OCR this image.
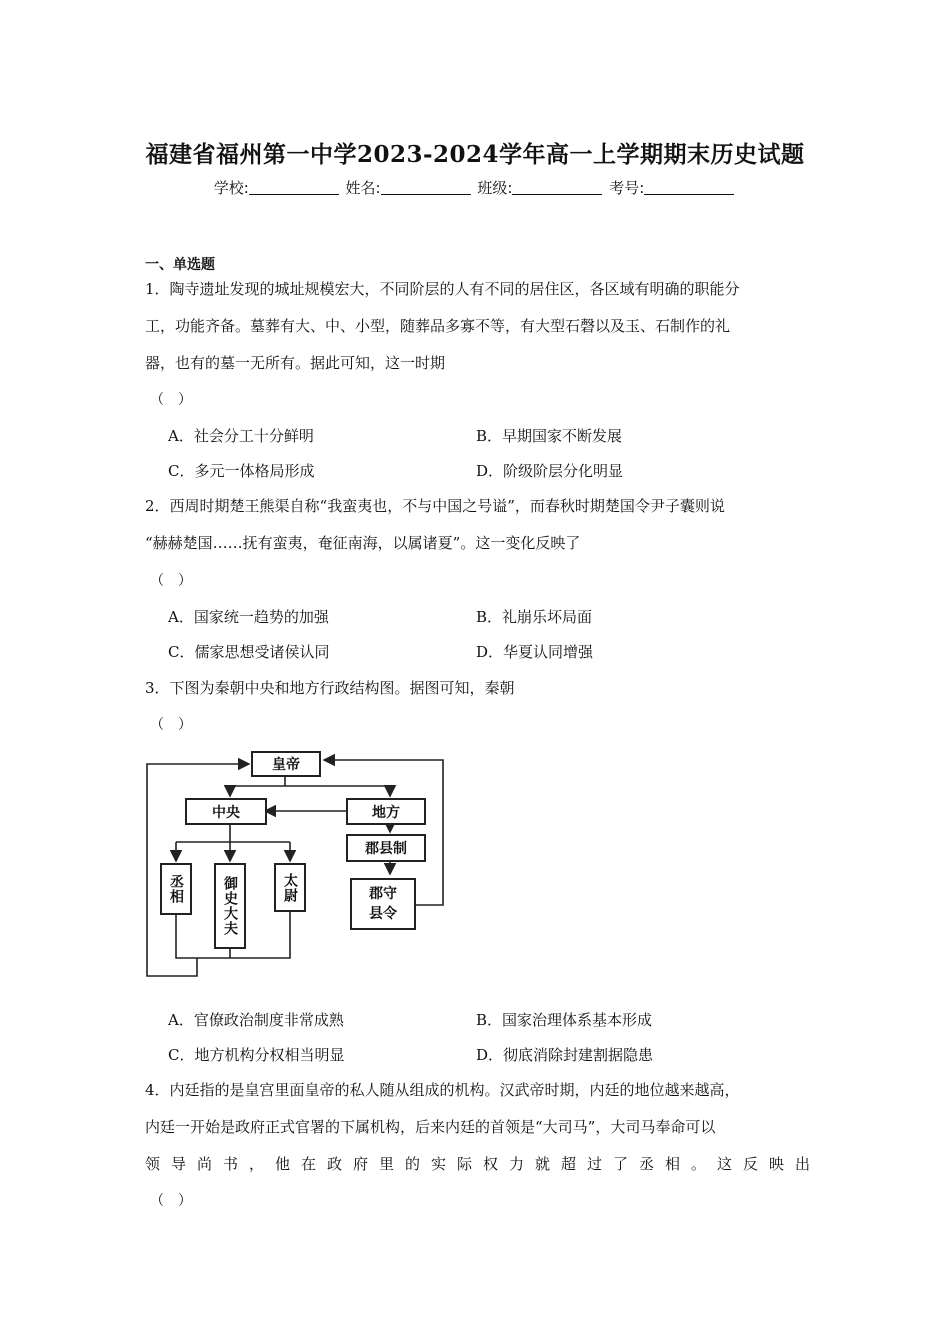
福建省福州第一中学2023-2024学年高一上学期期末历史试题
学校:	姓名:	班级:	考号:
一、单选题
1．陶寺遗址发现的城址规模宏大，不同阶层的人有不同的居住区，各区域有明确的职能分
工，功能齐备。墓葬有大、中、小型，随葬品多寡不等，有大型石磬以及玉、石制作的礼
器，也有的墓一无所有。据此可知，这一时期
（　）
A．社会分工十分鲜明	B．早期国家不断发展
C．多元一体格局形成	D．阶级阶层分化明显
2．西周时期楚王熊渠自称“我蛮夷也，不与中国之号谥”，而春秋时期楚国令尹子囊则说
“赫赫楚国……抚有蛮夷，奄征南海，以属诸夏”。这一变化反映了
（　）
A．国家统一趋势的加强	B．礼崩乐坏局面
C．儒家思想受诸侯认同	D．华夏认同增强
3．下图为秦朝中央和地方行政结构图。据图可知，秦朝
（　）
皇帝
中央	地方
郡县制
丞相	御史大夫	太尉	郡守
县令
A．官僚政治制度非常成熟	B．国家治理体系基本形成
C．地方机构分权相当明显	D．彻底消除封建割据隐患
4．内廷指的是皇宫里面皇帝的私人随从组成的机构。汉武帝时期，内廷的地位越来越高，
内廷一开始是政府正式官署的下属机构，后来内廷的首领是“大司马”，大司马奉命可以
领导尚书，他在政府里的实际权力就超过了丞相。这反映出
（　）
